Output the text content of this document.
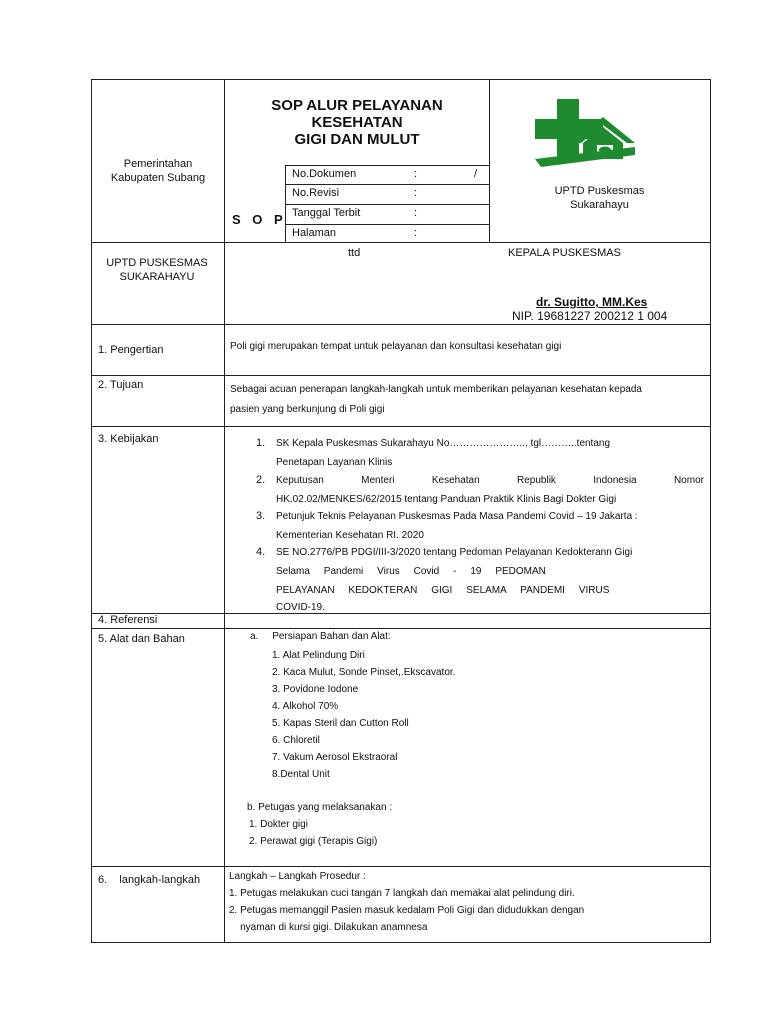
Pemerintahan
Kabupaten Subang
SOP ALUR PELAYANAN
KESEHATAN
GIGI DAN MULUT
S O P
No.Dokumen	:	/
No.Revisi	:
Tanggal Terbit	:
Halaman	:
UPTD Puskesmas
Sukarahayu
UPTD PUSKESMAS
SUKARAHAYU
ttd	KEPALA PUSKESMAS
dr. Sugitto, MM.Kes
NIP. 19681227 200212 1 004
1. Pengertian	Poli gigi merupakan tempat untuk pelayanan dan konsultasi kesehatan gigi
2. Tujuan	Sebagai acuan penerapan langkah-langkah untuk memberikan pelayanan kesehatan kepada
pasien yang berkunjung di Poli gigi
3. Kebijakan	1. SK Kepala Puskesmas Sukarahayu No………………….., tgl………..tentang
Penetapan Layanan Klinis
2. Keputusan	Menteri	Kesehatan	Republik	Indonesia	Nomor
HK.02.02/MENKES/62/2015 tentang Panduan Praktik Klinis Bagi Dokter Gigi
3. Petunjuk Teknis Pelayanan Puskesmas Pada Masa Pandemi Covid – 19 Jakarta :
Kementerian Kesehatan RI. 2020
4. SE NO.2776/PB PDGI/III-3/2020 tentang Pedoman Pelayanan Kedokterann Gigi
Selama     Pandemi     Virus     Covid     -     19     PEDOMAN
PELAYANAN     KEDOKTERAN     GIGI     SELAMA     PANDEMI     VIRUS
COVID-19.
4. Referensi
5. Alat dan Bahan	a.     Persiapan Bahan dan Alat:
1. Alat Pelindung Diri
2. Kaca Mulut, Sonde Pinset,.Ekscavator.
3. Povidone Iodone
4. Alkohol 70%
5. Kapas Steril dan Cutton Roll
6. Chloretil
7. Vakum Aerosol Ekstraoral
8.Dental Unit
b. Petugas yang melaksanakan :
1. Dokter gigi
2. Perawat gigi (Terapis Gigi)
6.    langkah-langkah	Langkah – Langkah Prosedur :
1. Petugas melakukan cuci tangan 7 langkah dan memakai alat pelindung diri.
2. Petugas memanggil Pasien masuk kedalam Poli Gigi dan didudukkan dengan
nyaman di kursi gigi. Dilakukan anamnesa
